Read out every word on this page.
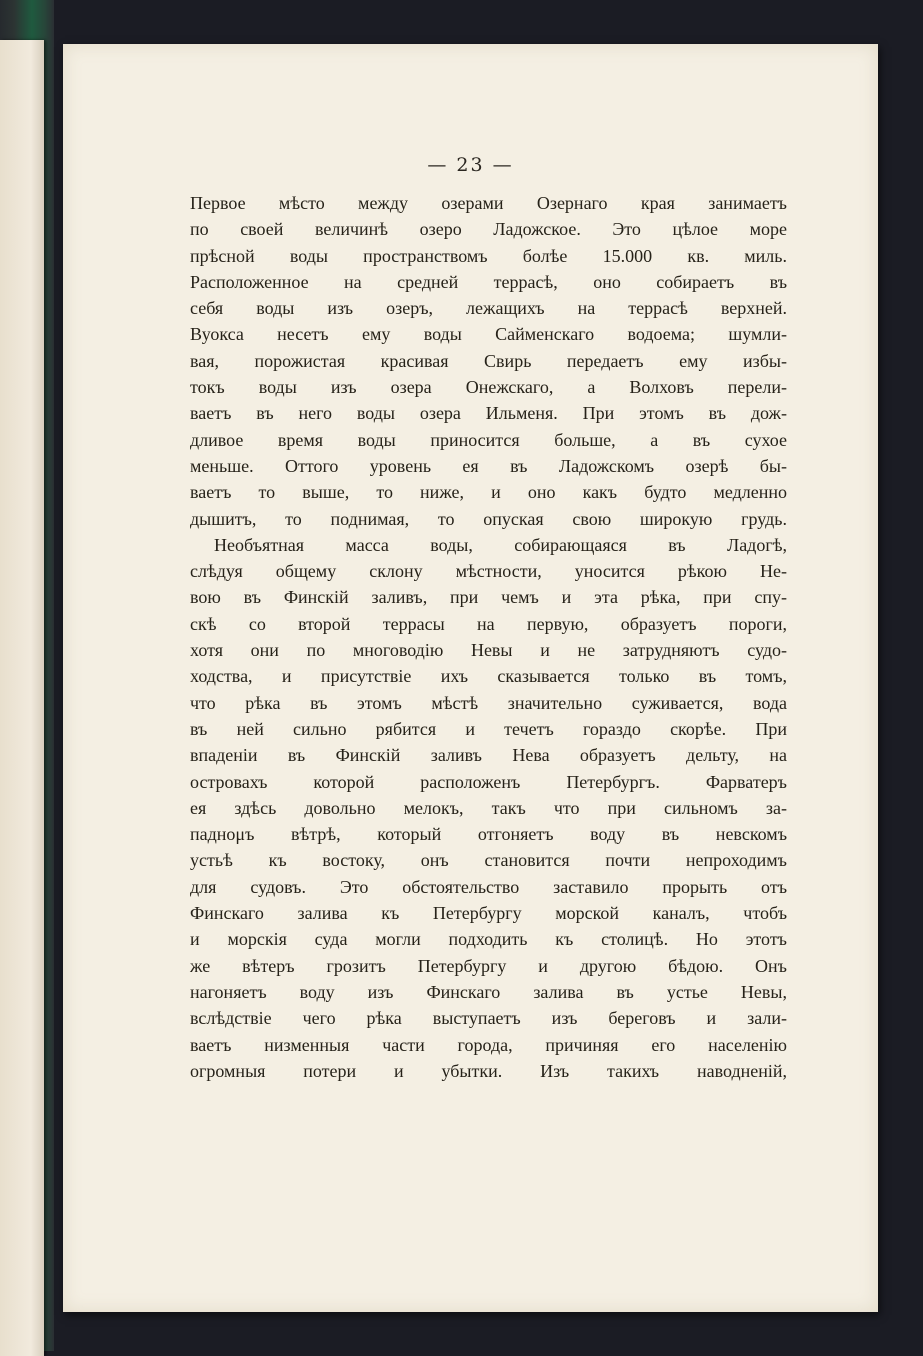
— 23 —
Первое мѣсто между озерами Озернаго края занимаетъ
по своей величинѣ озеро Ладожское. Это цѣлое море
прѣсной воды пространствомъ болѣе 15.000 кв. миль.
Расположенное на средней террасѣ, оно собираетъ въ
себя воды изъ озеръ, лежащихъ на террасѣ верхней.
Вуокса несетъ ему воды Сайменскаго водоема; шумли-
вая, порожистая красивая Свирь передаетъ ему избы-
токъ воды изъ озера Онежскаго, а Волховъ перели-
ваетъ въ него воды озера Ильменя. При этомъ въ дож-
дливое время воды приносится больше, а въ сухое
меньше. Оттого уровень ея въ Ладожскомъ озерѣ бы-
ваетъ то выше, то ниже, и оно какъ будто медленно
дышитъ, то поднимая, то опуская свою широкую грудь.
Необъятная масса воды, собирающаяся въ Ладогѣ,
слѣдуя общему склону мѣстности, уносится рѣкою Не-
вою въ Финскій заливъ, при чемъ и эта рѣка, при спу-
скѣ со второй террасы на первую, образуетъ пороги,
хотя они по многоводію Невы и не затрудняютъ судо-
ходства, и присутствіе ихъ сказывается только въ томъ,
что рѣка въ этомъ мѣстѣ значительно суживается, вода
въ ней сильно рябится и течетъ гораздо скорѣе. При
впаденіи въ Финскій заливъ Нева образуетъ дельту, на
островахъ которой расположенъ Петербургъ. Фарватеръ
ея здѣсь довольно мелокъ, такъ что при сильномъ за-
паднομъ вѣтрѣ, который отгоняетъ воду въ невскомъ
устьѣ къ востоку, онъ становится почти непроходимъ
для судовъ. Это обстоятельство заставило прорыть отъ
Финскаго залива къ Петербургу морской каналъ, чтобъ
и морскія суда могли подходить къ столицѣ. Но этотъ
же вѣтеръ грозитъ Петербургу и другою бѣдою. Онъ
нагоняетъ воду изъ Финскаго залива въ устье Невы,
вслѣдствіе чего рѣка выступаетъ изъ береговъ и зали-
ваетъ низменныя части города, причиняя его населенію
огромныя потери и убытки. Изъ такихъ наводненій,
